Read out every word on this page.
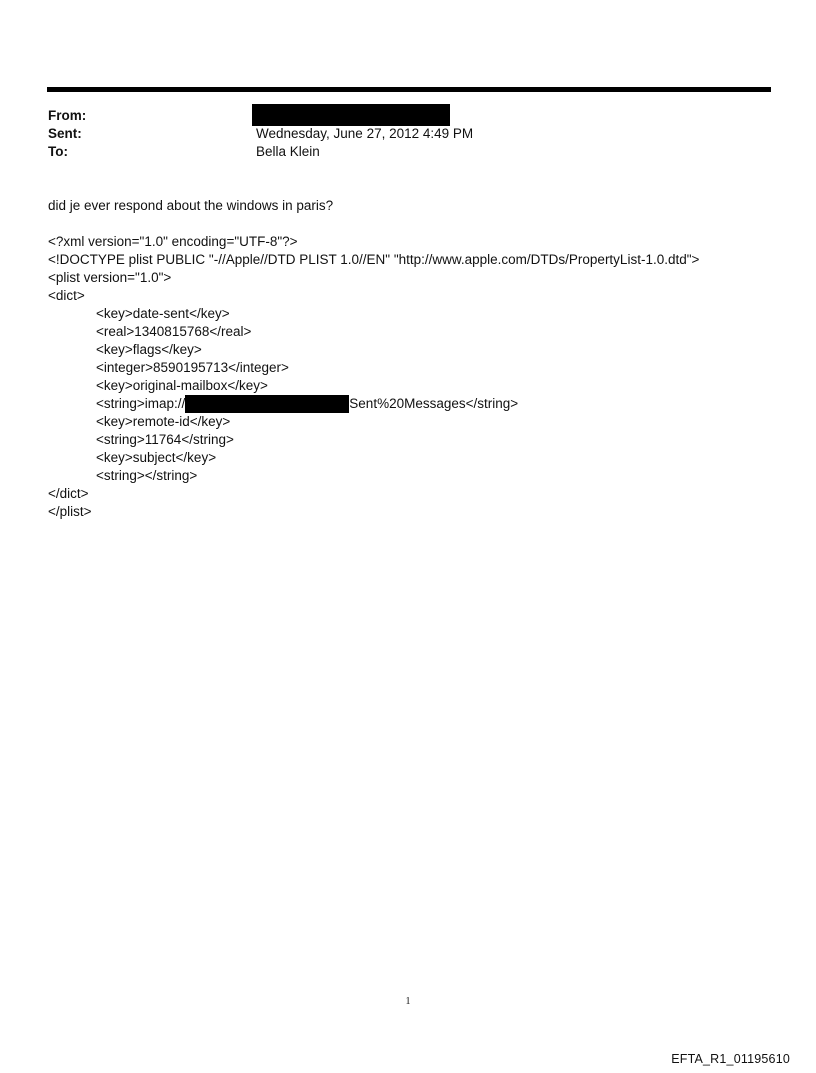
From:
Sent:	Wednesday, June 27, 2012 4:49 PM
To:	Bella Klein
did je ever respond about the windows in paris?
<?xml version="1.0" encoding="UTF-8"?>
<!DOCTYPE plist PUBLIC "-//Apple//DTD PLIST 1.0//EN" "http://www.apple.com/DTDs/PropertyList-1.0.dtd">
<plist version="1.0">
<dict>
<key>date-sent</key>
<real>1340815768</real>
<key>flags</key>
<integer>8590195713</integer>
<key>original-mailbox</key>
<string>imap://	Sent%20Messages</string>
<key>remote-id</key>
<string>11764</string>
<key>subject</key>
<string></string>
</dict>
</plist>
1
EFTA_R1_01195610
